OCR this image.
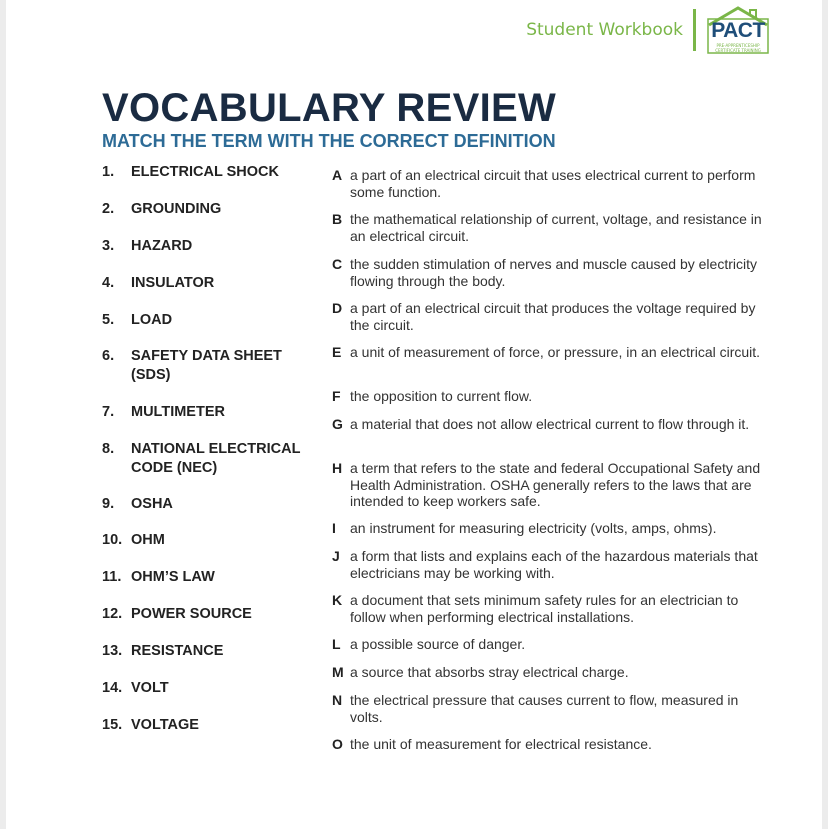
Student Workbook PACT
PRE-APPRENTICESHIP CERTIFICATE TRAINING
VOCABULARY REVIEW
MATCH THE TERM WITH THE CORRECT DEFINITION
1.	ELECTRICAL SHOCK
2.	GROUNDING
3.	HAZARD
4.	INSULATOR
5.	LOAD
6.	SAFETY DATA SHEET (SDS)
7.	MULTIMETER
8.	NATIONAL ELECTRICAL CODE (NEC)
9.	OSHA
10. OHM
11. OHM’S LAW
12. POWER SOURCE
13. RESISTANCE
14. VOLT
15. VOLTAGE
A a part of an electrical circuit that uses electrical current to perform some function.
B the mathematical relationship of current, voltage, and resistance in an electrical circuit.
C the sudden stimulation of nerves and muscle caused by electricity flowing through the body.
D a part of an electrical circuit that produces the voltage required by the circuit.
E a unit of measurement of force, or pressure, in an electrical circuit.
F the opposition to current flow.
G a material that does not allow electrical current to flow through it.
H a term that refers to the state and federal Occupational Safety and Health Administration. OSHA generally refers to the laws that are intended to keep workers safe.
I	an instrument for measuring electricity (volts, amps, ohms).
J a form that lists and explains each of the hazardous materials that electricians may be working with.
K a document that sets minimum safety rules for an electrician to follow when performing electrical installations.
L a possible source of danger.
M a source that absorbs stray electrical charge.
N the electrical pressure that causes current to flow, measured in volts.
O the unit of measurement for electrical resistance.
